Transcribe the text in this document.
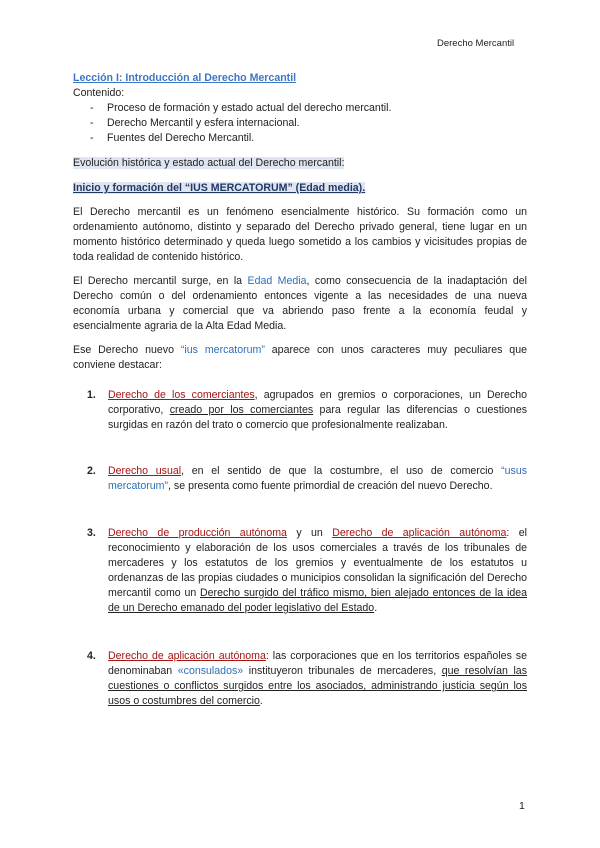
Derecho Mercantil
Lección I: Introducción al Derecho Mercantil
Contenido:
- Proceso de formación y estado actual del derecho mercantil.
- Derecho Mercantil y esfera internacional.
- Fuentes del Derecho Mercantil.
Evolución histórica y estado actual del Derecho mercantil:
Inicio y formación del “IUS MERCATORUM” (Edad media).

El Derecho mercantil es un fenómeno esencialmente histórico. Su formación como un ordenamiento autónomo, distinto y separado del Derecho privado general, tiene lugar en un momento histórico determinado y queda luego sometido a los cambios y vicisitudes propias de toda realidad de contenido histórico.

El Derecho mercantil surge, en la Edad Media, como consecuencia de la inadaptación del Derecho común o del ordenamiento entonces vigente a las necesidades de una nueva economía urbana y comercial que va abriendo paso frente a la economía feudal y esencialmente agraria de la Alta Edad Media.

Ese Derecho nuevo “ius mercatorum” aparece con unos caracteres muy peculiares que conviene destacar:

1. Derecho de los comerciantes, agrupados en gremios o corporaciones, un Derecho corporativo, creado por los comerciantes para regular las diferencias o cuestiones surgidas en razón del trato o comercio que profesionalmente realizaban.
2. Derecho usual, en el sentido de que la costumbre, el uso de comercio “usus mercatorum”, se presenta como fuente primordial de creación del nuevo Derecho.
3. Derecho de producción autónoma y un Derecho de aplicación autónoma: el reconocimiento y elaboración de los usos comerciales a través de los tribunales de mercaderes y los estatutos de los gremios y eventualmente de los estatutos u ordenanzas de las propias ciudades o municipios consolidan la significación del Derecho mercantil como un Derecho surgido del tráfico mismo, bien alejado entonces de la idea de un Derecho emanado del poder legislativo del Estado.
4. Derecho de aplicación autónoma: las corporaciones que en los territorios españoles se denominaban «consulados» instituyeron tribunales de mercaderes, que resolvían las cuestiones o conflictos surgidos entre los asociados, administrando justicia según los usos o costumbres del comercio.
1
